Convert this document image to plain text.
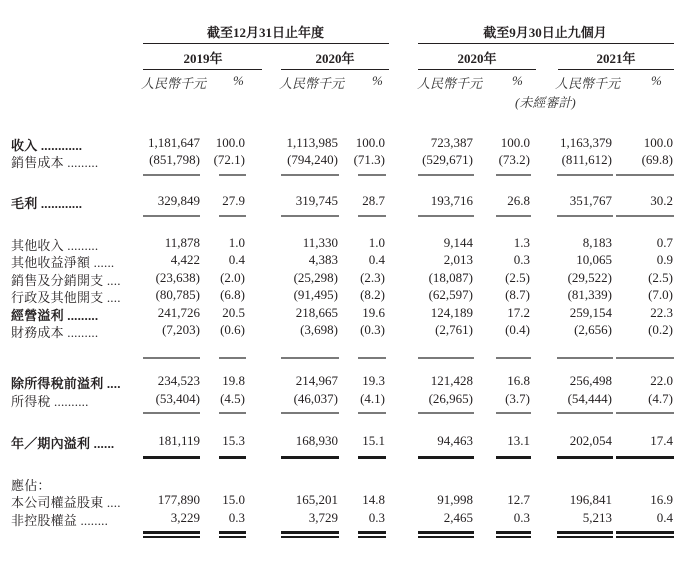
截至12月31日止年度	截至9月30日止九個月
2019年	2020年	2020年	2021年
人民幣千元 %	人民幣千元 %	人民幣千元 % 人民幣千元 %
(未經審計)
收入 ............	1,181,647 100.0	1,113,985 100.0	723,387 100.0 1,163,379 100.0
銷售成本 .........	(851,798) (72.1)	(794,240) (71.3)	(529,671) (73.2) (811,612) (69.8)
毛利 ............	329,849 27.9	319,745 28.7	193,716	26.8	351,767	30.2
其他收入 .........	11,878 1.0	11,330 1.0	9,144	1.3	8,183	0.7
其他收益淨額 ......	4,422 0.4	4,383 0.4	2,013	0.3	10,065	0.9
銷售及分銷開支 ....	(23,638) (2.0)	(25,298) (2.3)	(18,087) (2.5)	(29,522)	(2.5)
行政及其他開支 ....	(80,785) (6.8)	(91,495) (8.2)	(62,597) (8.7)	(81,339)	(7.0)
經營溢利 .........	241,726 20.5	218,665 19.6	124,189	17.2	259,154	22.3
財務成本 .........	(7,203) (0.6)	(3,698) (0.3)	(2,761) (0.4)	(2,656)	(0.2)
除所得稅前溢利 ....	234,523 19.8	214,967 19.3	121,428	16.8	256,498	22.0
所得稅 ..........	(53,404) (4.5)	(46,037) (4.1)	(26,965) (3.7)	(54,444)	(4.7)
年／期內溢利 ......	181,119 15.3	168,930 15.1	94,463	13.1	202,054	17.4
應佔：
本公司權益股東 ....	177,890 15.0	165,201 14.8	91,998	12.7	196,841	16.9
非控股權益 ........	3,229 0.3	3,729 0.3	2,465	0.3	5,213	0.4
